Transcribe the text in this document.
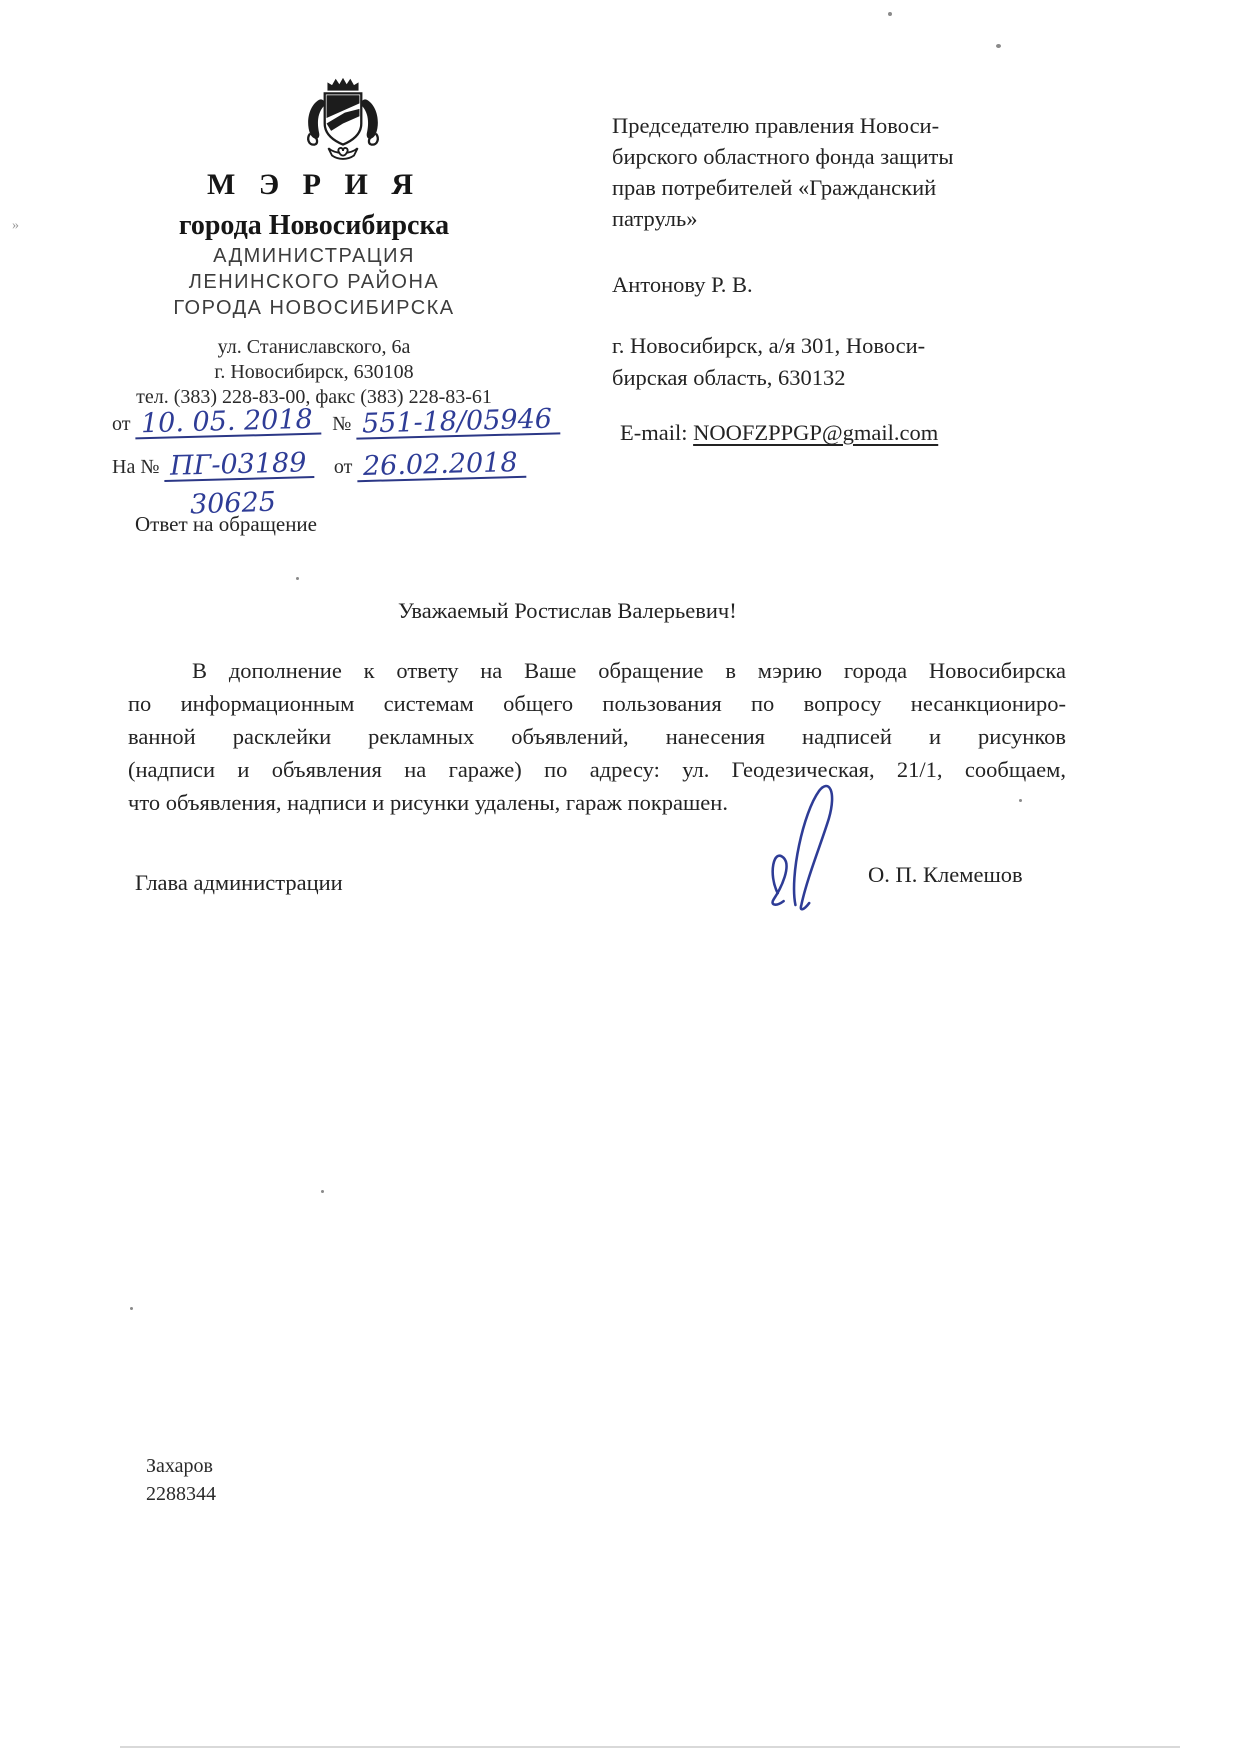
»
М Э Р И Я
города Новосибирска
АДМИНИСТРАЦИЯ
ЛЕНИНСКОГО РАЙОНА
ГОРОДА НОВОСИБИРСКА
ул. Станиславского, 6а
г. Новосибирск, 630108
тел. (383) 228-83-00, факс (383) 228-83-61
от 10. 05. 2018 № 551-18/05946
На № ПГ-03189 от 26.02.2018
30625
Председателю правления Новоси-
бирского областного фонда защиты
прав потребителей «Гражданский
патруль»
Антонову Р. В.
г. Новосибирск, а/я 301, Новоси-
бирская область, 630132
E-mail: NOOFZPPGP@gmail.com
Ответ на обращение
Уважаемый Ростислав Валерьевич!
В дополнение к ответу на Ваше обращение в мэрию города Новосибирска
по информационным системам общего пользования по вопросу несанкциониро-
ванной расклейки рекламных объявлений, нанесения надписей и рисунков
(надписи и объявления на гараже) по адресу: ул. Геодезическая, 21/1, сообщаем,
что объявления, надписи и рисунки удалены, гараж покрашен.
Глава администрации	О. П. Клемешов
Захаров
2288344
